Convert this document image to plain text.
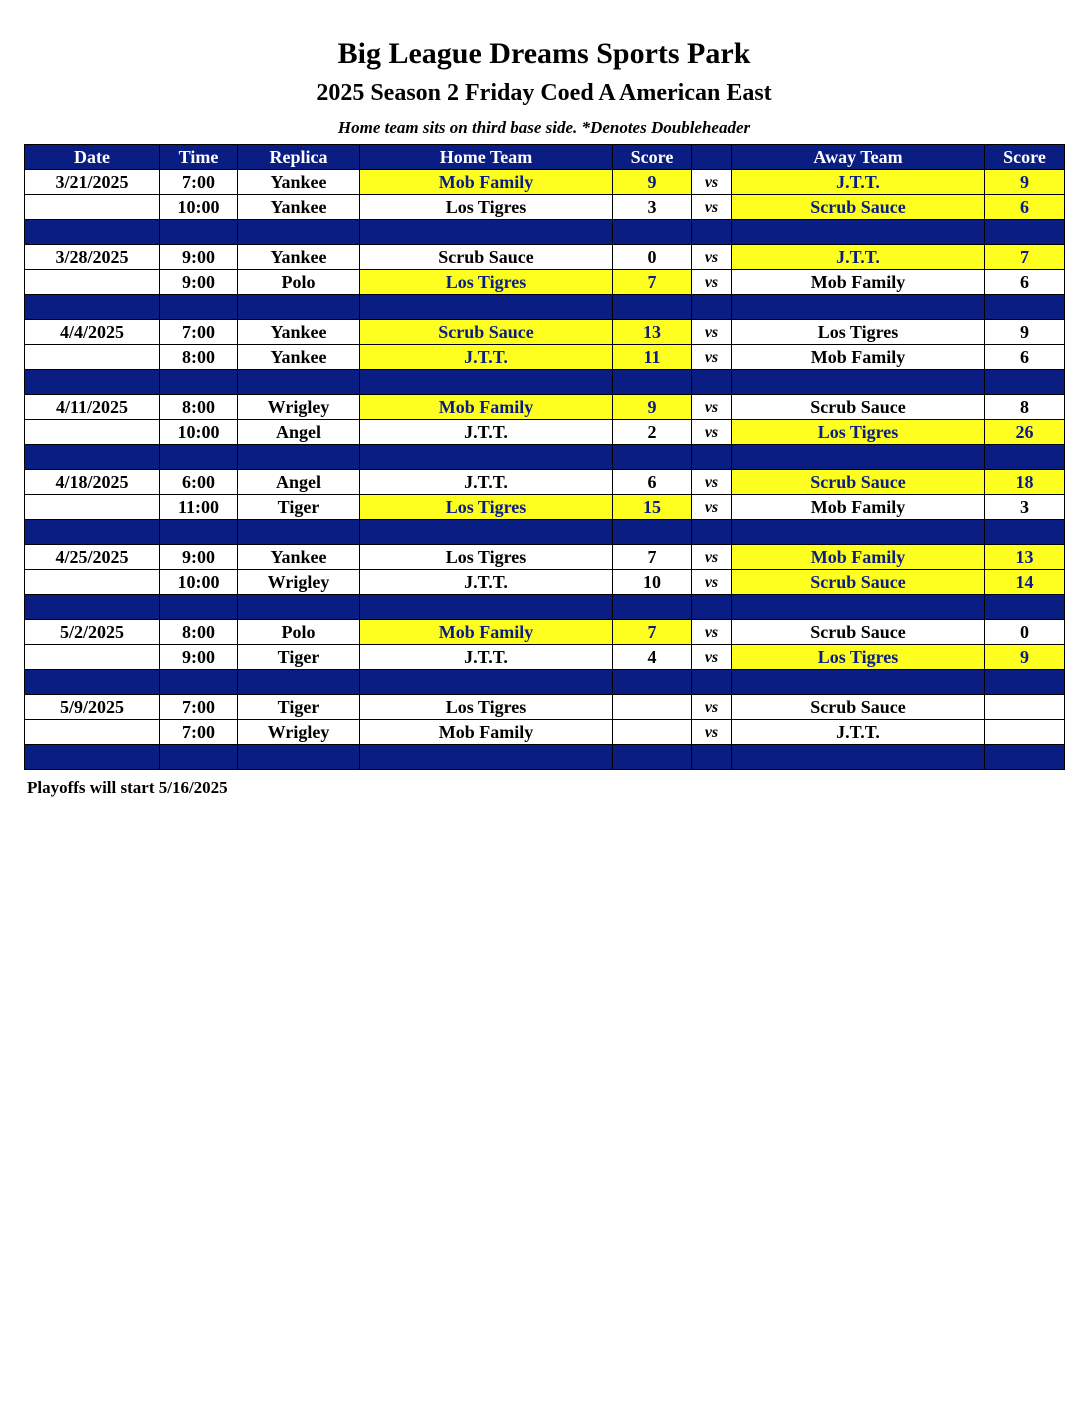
Big League Dreams Sports Park
2025 Season 2 Friday Coed A American East
Home team sits on third base side. *Denotes Doubleheader
Date	Time	Replica	Home Team	Score		Away Team	Score
3/21/2025	7:00	Yankee	Mob Family	9	vs	J.T.T.	9
	10:00	Yankee	Los Tigres	3	vs	Scrub Sauce	6

3/28/2025	9:00	Yankee	Scrub Sauce	0	vs	J.T.T.	7
	9:00	Polo	Los Tigres	7	vs	Mob Family	6

4/4/2025	7:00	Yankee	Scrub Sauce	13	vs	Los Tigres	9
	8:00	Yankee	J.T.T.	11	vs	Mob Family	6

4/11/2025	8:00	Wrigley	Mob Family	9	vs	Scrub Sauce	8
	10:00	Angel	J.T.T.	2	vs	Los Tigres	26

4/18/2025	6:00	Angel	J.T.T.	6	vs	Scrub Sauce	18
	11:00	Tiger	Los Tigres	15	vs	Mob Family	3

4/25/2025	9:00	Yankee	Los Tigres	7	vs	Mob Family	13
	10:00	Wrigley	J.T.T.	10	vs	Scrub Sauce	14

5/2/2025	8:00	Polo	Mob Family	7	vs	Scrub Sauce	0
	9:00	Tiger	J.T.T.	4	vs	Los Tigres	9

5/9/2025	7:00	Tiger	Los Tigres		vs	Scrub Sauce	
	7:00	Wrigley	Mob Family		vs	J.T.T.	

Playoffs will start 5/16/2025
